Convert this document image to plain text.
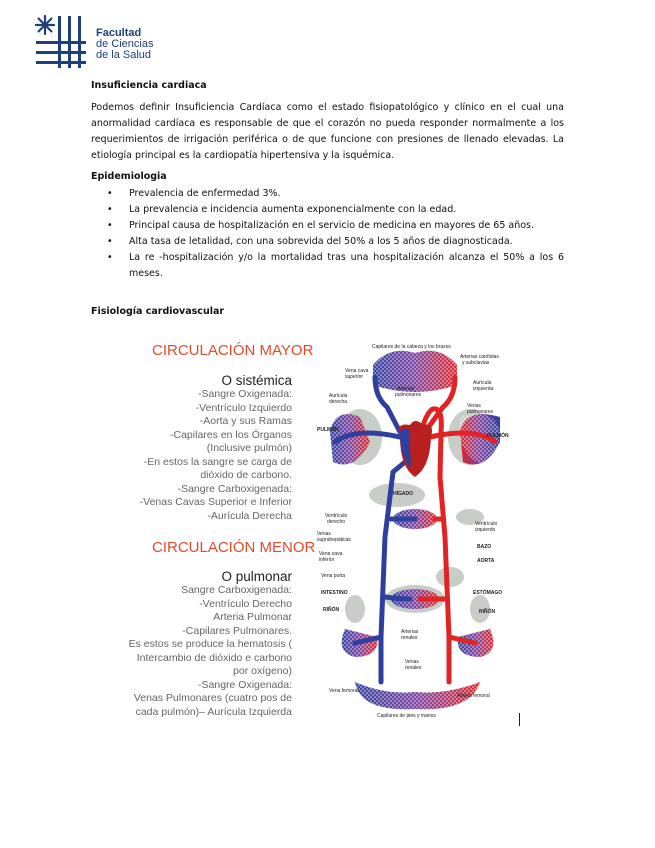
Facultad
de Ciencias
de la Salud
Insuficiencia cardiaca

Podemos definir Insuficiencia Cardíaca como el estado fisiopatológico y clínico en el cual una anormalidad cardíaca es responsable de que el corazón no pueda responder normalmente a los requerimientos de irrigación periférica o de que funcione con presiones de llenado elevadas. La etiología principal es la cardiopatía hipertensiva y la isquémica.

Epidemiologia
• Prevalencia de enfermedad 3%.
• La prevalencia e incidencia aumenta exponencialmente con la edad.
• Principal causa de hospitalización en el servicio de medicina en mayores de 65 años.
• Alta tasa de letalidad, con una sobrevida del 50% a los 5 años de diagnosticada.
• La re -hospitalización y/o la mortalidad tras una hospitalización alcanza el 50% a los 6 meses.
Fisiología cardiovascular
CIRCULACIÓN MAYOR
O sistémica
-Sangre Oxigenada:
-Ventrículo Izquierdo
-Aorta y sus Ramas
-Capilares en los Órganos
(Inclusive pulmón)
-En estos la sangre se carga de
dióxido de carbono.
-Sangre Carboxigenada:
-Venas Cavas Superior e Inferior
-Aurícula Derecha
CIRCULACIÓN MENOR
O pulmonar
Sangre Carboxigenada:
-Ventrículo Derecho
Arteria Pulmonar
-Capilares Pulmonares.
Es estos se produce la hematosis (
Intercambio de dióxido e carbono
por oxígeno)
-Sangre Oxigenada:
Venas Pulmonares (cuatro pos de
cada pulmón)– Aurícula Izquierda
Capilares de la cabeza y los brazos
Arterias carótidas
y subclavias
Vena cava
superior
Arterias
pulmonares
Aurícula
izquierda
Aurícula
derecha
Venas
pulmonares
PULMÓN
PULMÓN
HÍGADO
Ventrículo
derecho	Ventrículo
izquierdo
Venas
suprahepáticas
BAZO
Vena cava
inferior	AORTA
Vena porta
INTESTINO	ESTÓMAGO
RIÑÓN	RIÑÓN
Arterias
renales
Venas
renales
Vena femoral
Arteria femoral
Capilares de pies y manos
